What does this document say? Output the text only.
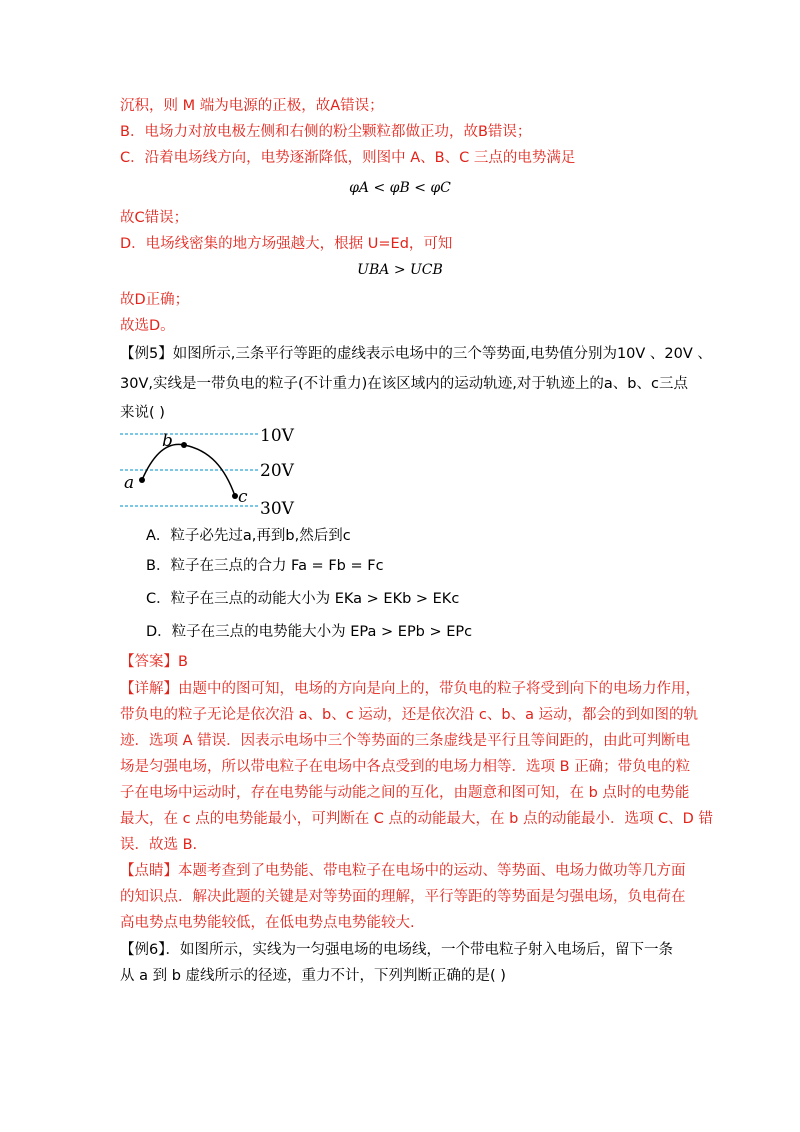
沉积，则 M 端为电源的正极，故A错误；
B．电场力对放电极左侧和右侧的粉尘颗粒都做正功，故B错误；
C．沿着电场线方向，电势逐渐降低，则图中 A、B、C 三点的电势满足
φA < φB < φC
故C错误；
D．电场线密集的地方场强越大，根据 U=Ed，可知
UBA > UCB
故D正确；
故选D。
【例5】如图所示,三条平行等距的虚线表示电场中的三个等势面,电势值分别为10V 、20V 、
30V,实线是一带负电的粒子(不计重力)在该区域内的运动轨迹,对于轨迹上的a、b、c三点
来说( )
10V
20V
30V
a
b
c
A．粒子必先过a,再到b,然后到c
B．粒子在三点的合力 Fa = Fb = Fc
C．粒子在三点的动能大小为 EKa > EKb > EKc
D．粒子在三点的电势能大小为 EPa > EPb > EPc
【答案】B
【详解】由题中的图可知，电场的方向是向上的，带负电的粒子将受到向下的电场力作用，
带负电的粒子无论是依次沿 a、b、c 运动，还是依次沿 c、b、a 运动，都会的到如图的轨
迹．选项 A 错误．因表示电场中三个等势面的三条虚线是平行且等间距的，由此可判断电
场是匀强电场，所以带电粒子在电场中各点受到的电场力相等．选项 B 正确；带负电的粒
子在电场中运动时，存在电势能与动能之间的互化，由题意和图可知，在 b 点时的电势能
最大，在 c 点的电势能最小，可判断在 C 点的动能最大，在 b 点的动能最小．选项 C、D 错
误．故选 B.
【点睛】本题考查到了电势能、带电粒子在电场中的运动、等势面、电场力做功等几方面
的知识点．解决此题的关键是对等势面的理解，平行等距的等势面是匀强电场，负电荷在
高电势点电势能较低，在低电势点电势能较大.
【例6】．如图所示，实线为一匀强电场的电场线，一个带电粒子射入电场后，留下一条
从 a 到 b 虚线所示的径迹，重力不计，下列判断正确的是( )
